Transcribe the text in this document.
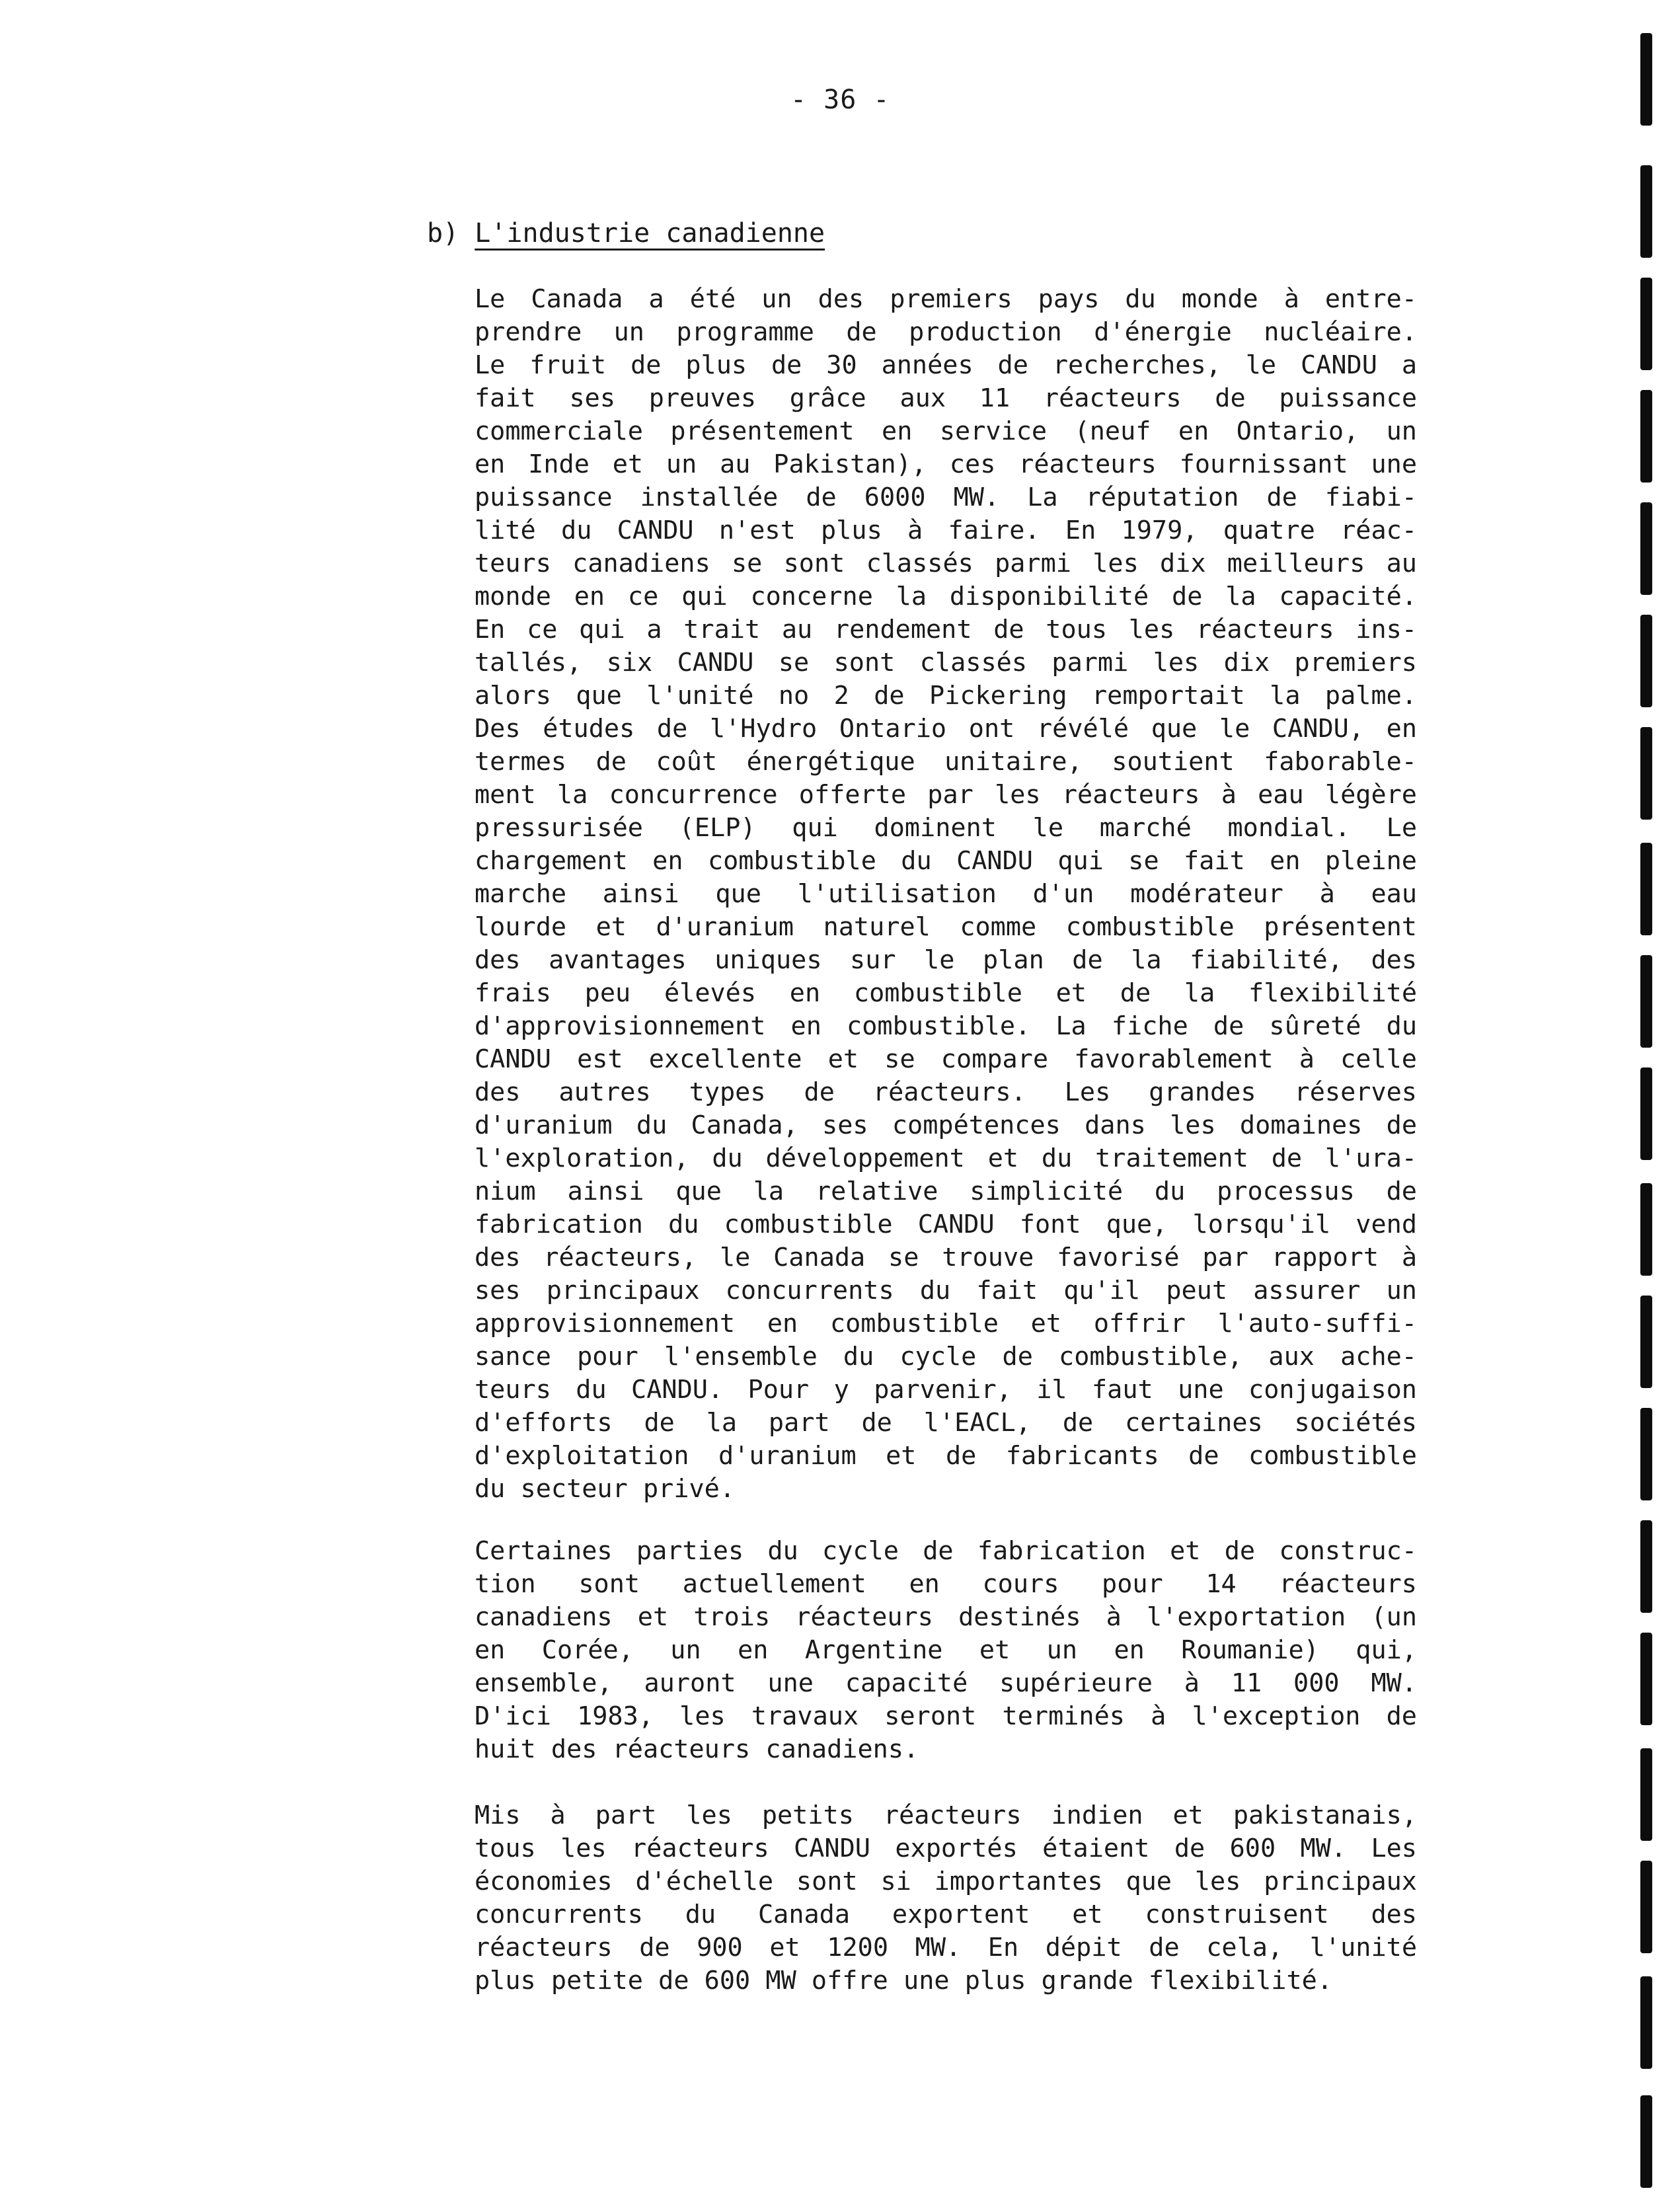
- 36 -
b) L'industrie canadienne
Le Canada a été un des premiers pays du monde à entre-
prendre un programme de production d'énergie nucléaire.
Le fruit de plus de 30 années de recherches, le CANDU a
fait ses preuves grâce aux 11 réacteurs de puissance
commerciale présentement en service (neuf en Ontario, un
en Inde et un au Pakistan), ces réacteurs fournissant une
puissance installée de 6000 MW. La réputation de fiabi-
lité du CANDU n'est plus à faire. En 1979, quatre réac-
teurs canadiens se sont classés parmi les dix meilleurs au
monde en ce qui concerne la disponibilité de la capacité.
En ce qui a trait au rendement de tous les réacteurs ins-
tallés, six CANDU se sont classés parmi les dix premiers
alors que l'unité no 2 de Pickering remportait la palme.
Des études de l'Hydro Ontario ont révélé que le CANDU, en
termes de coût énergétique unitaire, soutient faborable-
ment la concurrence offerte par les réacteurs à eau légère
pressurisée (ELP) qui dominent le marché mondial. Le
chargement en combustible du CANDU qui se fait en pleine
marche ainsi que l'utilisation d'un modérateur à eau
lourde et d'uranium naturel comme combustible présentent
des avantages uniques sur le plan de la fiabilité, des
frais peu élevés en combustible et de la flexibilité
d'approvisionnement en combustible. La fiche de sûreté du
CANDU est excellente et se compare favorablement à celle
des autres types de réacteurs. Les grandes réserves
d'uranium du Canada, ses compétences dans les domaines de
l'exploration, du développement et du traitement de l'ura-
nium ainsi que la relative simplicité du processus de
fabrication du combustible CANDU font que, lorsqu'il vend
des réacteurs, le Canada se trouve favorisé par rapport à
ses principaux concurrents du fait qu'il peut assurer un
approvisionnement en combustible et offrir l'auto-suffi-
sance pour l'ensemble du cycle de combustible, aux ache-
teurs du CANDU. Pour y parvenir, il faut une conjugaison
d'efforts de la part de l'EACL, de certaines sociétés
d'exploitation d'uranium et de fabricants de combustible
du secteur privé.
Certaines parties du cycle de fabrication et de construc-
tion sont actuellement en cours pour 14 réacteurs
canadiens et trois réacteurs destinés à l'exportation (un
en Corée, un en Argentine et un en Roumanie) qui,
ensemble, auront une capacité supérieure à 11 000 MW.
D'ici 1983, les travaux seront terminés à l'exception de
huit des réacteurs canadiens.
Mis à part les petits réacteurs indien et pakistanais,
tous les réacteurs CANDU exportés étaient de 600 MW. Les
économies d'échelle sont si importantes que les principaux
concurrents du Canada exportent et construisent des
réacteurs de 900 et 1200 MW. En dépit de cela, l'unité
plus petite de 600 MW offre une plus grande flexibilité.
